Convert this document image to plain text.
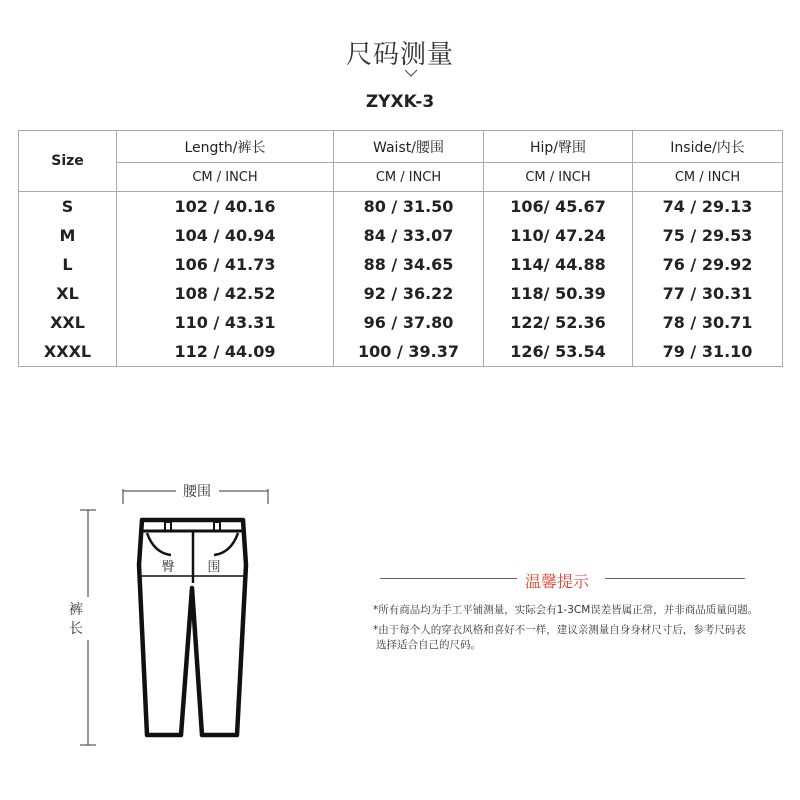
尺码测量
ZYXK-3
Size	Length/裤长	Waist/腰围	Hip/臀围	Inside/内长
	CM / INCH	CM / INCH	CM / INCH	CM / INCH
S	102 / 40.16	80 / 31.50	106/ 45.67	74 / 29.13
M	104 / 40.94	84 / 33.07	110/ 47.24	75 / 29.53
L	106 / 41.73	88 / 34.65	114/ 44.88	76 / 29.92
XL	108 / 42.52	92 / 36.22	118/ 50.39	77 / 30.31
XXL	110 / 43.31	96 / 37.80	122/ 52.36	78 / 30.71
XXXL	112 / 44.09	100 / 39.37	126/ 53.54	79 / 31.10
腰围
裤
长
臀	围
温馨提示
*所有商品均为手工平铺测量，实际会有1-3CM误差皆属正常，并非商品质量问题。
*由于每个人的穿衣风格和喜好不一样，建议亲测量自身身材尺寸后，参考尺码表
选择适合自己的尺码。
